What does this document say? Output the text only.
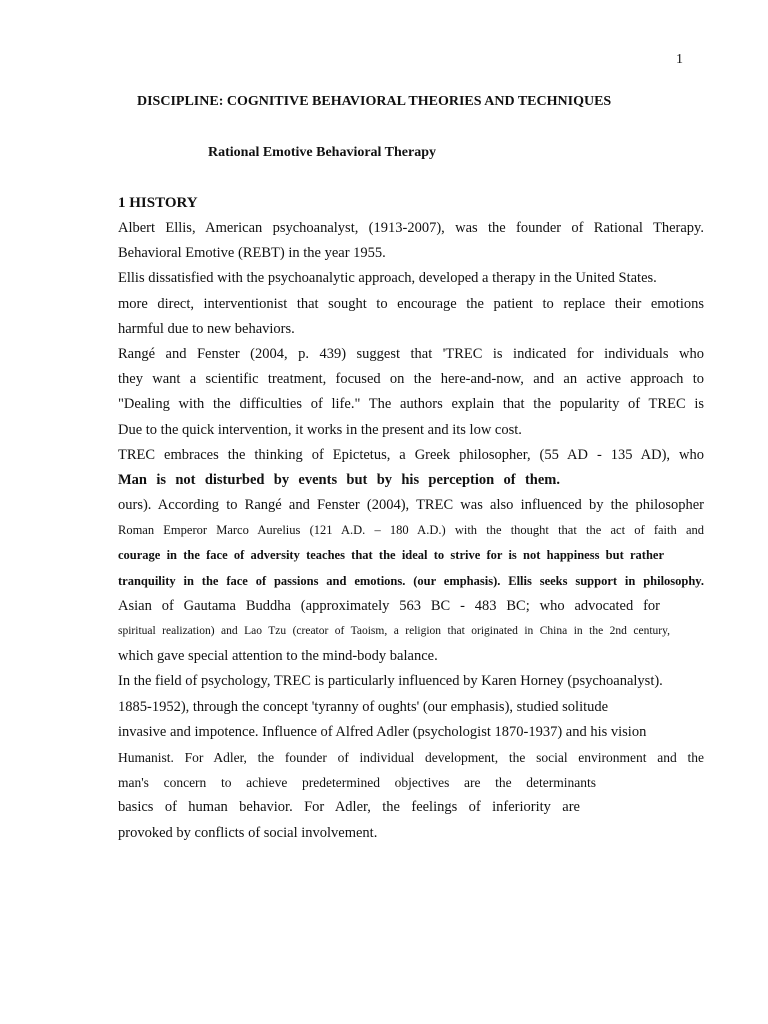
1
DISCIPLINE: COGNITIVE BEHAVIORAL THEORIES AND TECHNIQUES
Rational Emotive Behavioral Therapy
1 HISTORY
Albert Ellis, American psychoanalyst, (1913-2007), was the founder of Rational Therapy.
Behavioral Emotive (REBT) in the year 1955.
Ellis dissatisfied with the psychoanalytic approach, developed a therapy in the United States.
more direct, interventionist that sought to encourage the patient to replace their emotions
harmful due to new behaviors.
Rangé and Fenster (2004, p. 439) suggest that 'TREC is indicated for individuals who
they want a scientific treatment, focused on the here-and-now, and an active approach to
"Dealing with the difficulties of life." The authors explain that the popularity of TREC is
Due to the quick intervention, it works in the present and its low cost.
TREC embraces the thinking of Epictetus, a Greek philosopher, (55 AD - 135 AD), who
Man is not disturbed by events but by his perception of them.
ours). According to Rangé and Fenster (2004), TREC was also influenced by the philosopher
Roman Emperor Marco Aurelius (121 A.D. – 180 A.D.) with the thought that the act of faith and
courage in the face of adversity teaches that the ideal to strive for is not happiness but rather
tranquility in the face of passions and emotions. (our emphasis). Ellis seeks support in philosophy.
Asian of Gautama Buddha (approximately 563 BC - 483 BC; who advocated for
spiritual realization) and Lao Tzu (creator of Taoism, a religion that originated in China in the 2nd century,
which gave special attention to the mind-body balance.
In the field of psychology, TREC is particularly influenced by Karen Horney (psychoanalyst).
1885-1952), through the concept 'tyranny of oughts' (our emphasis), studied solitude
invasive and impotence. Influence of Alfred Adler (psychologist 1870-1937) and his vision
Humanist. For Adler, the founder of individual development, the social environment and the
man's concern to achieve predetermined objectives are the determinants
basics of human behavior. For Adler, the feelings of inferiority are
provoked by conflicts of social involvement.
